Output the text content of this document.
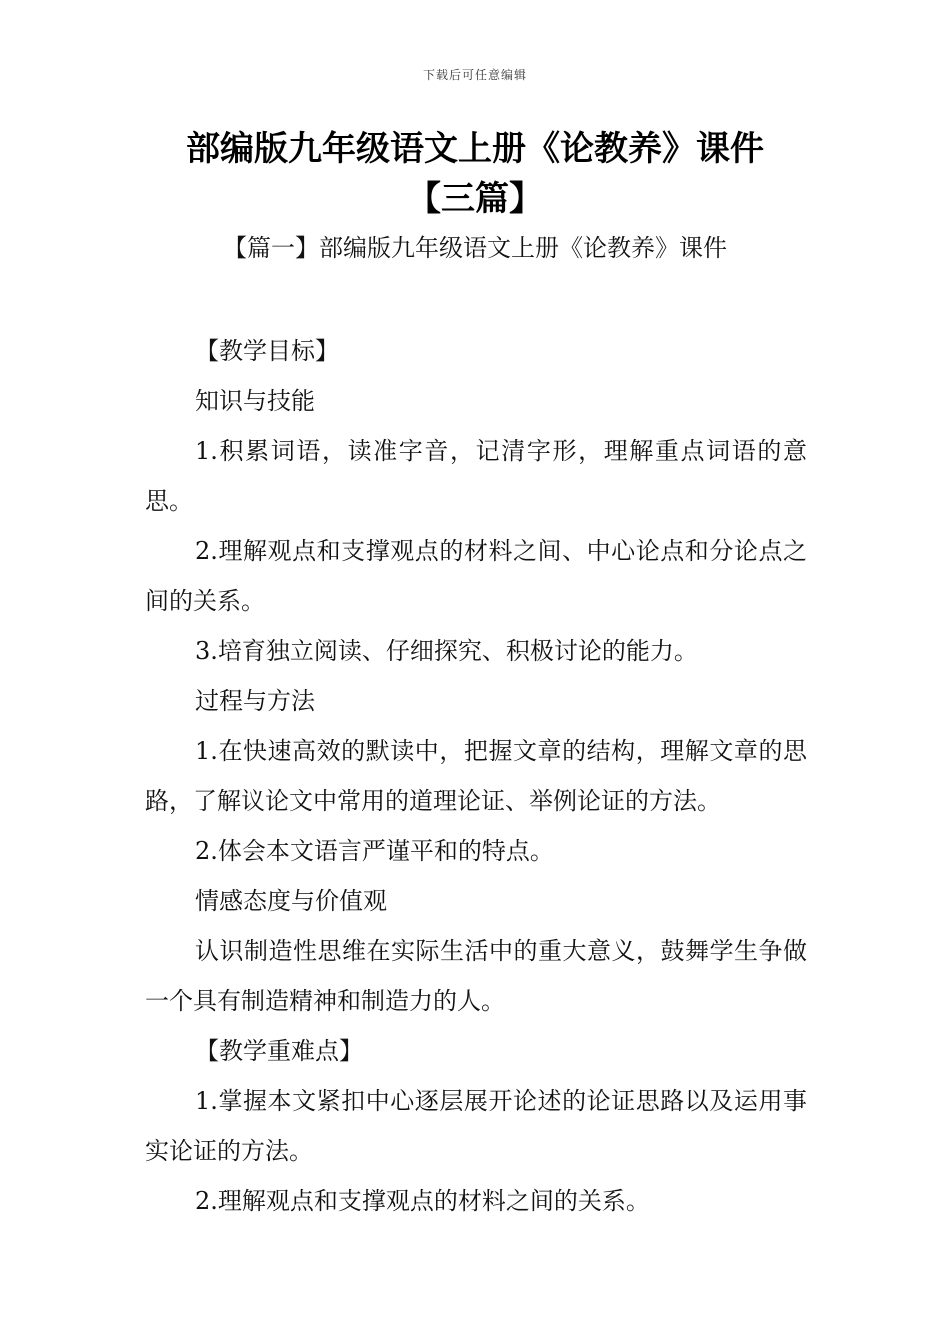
下载后可任意编辑
部编版九年级语文上册《论教养》课件
【三篇】
【篇一】部编版九年级语文上册《论教养》课件

【教学目标】

知识与技能

1.积累词语，读准字音，记清字形，理解重点词语的意思。

2.理解观点和支撑观点的材料之间、中心论点和分论点之间的关系。

3.培育独立阅读、仔细探究、积极讨论的能力。

过程与方法

1.在快速高效的默读中，把握文章的结构，理解文章的思路，了解议论文中常用的道理论证、举例论证的方法。

2.体会本文语言严谨平和的特点。

情感态度与价值观

认识制造性思维在实际生活中的重大意义，鼓舞学生争做一个具有制造精神和制造力的人。

【教学重难点】

1.掌握本文紧扣中心逐层展开论述的论证思路以及运用事实论证的方法。

2.理解观点和支撑观点的材料之间的关系。
